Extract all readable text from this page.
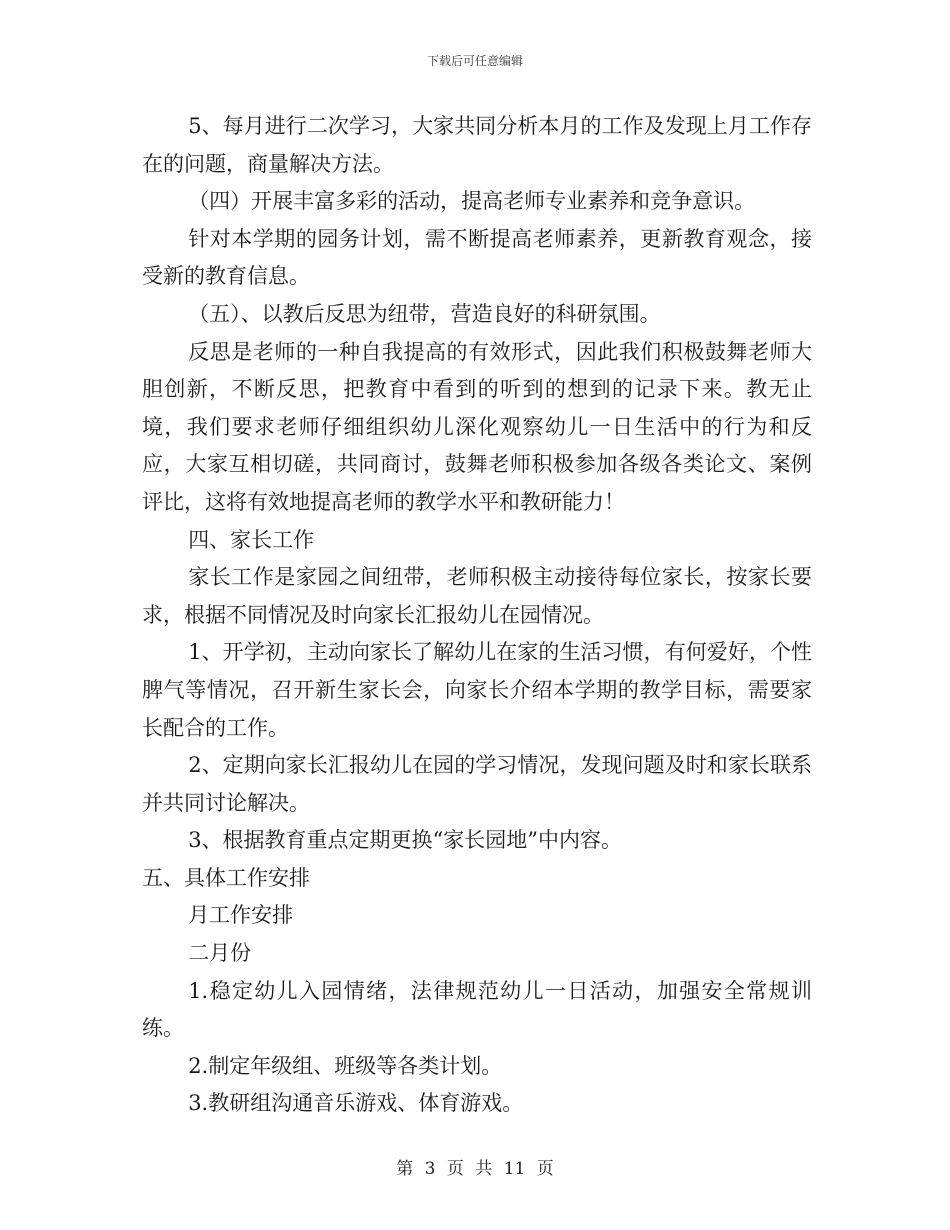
下载后可任意编辑

5、每月进行二次学习，大家共同分析本月的工作及发现上月工作存在的问题，商量解决方法。

（四）开展丰富多彩的活动，提高老师专业素养和竞争意识。

针对本学期的园务计划，需不断提高老师素养，更新教育观念，接受新的教育信息。

（五）、以教后反思为纽带，营造良好的科研氛围。

反思是老师的一种自我提高的有效形式，因此我们积极鼓舞老师大胆创新，不断反思，把教育中看到的听到的想到的记录下来。教无止境，我们要求老师仔细组织幼儿深化观察幼儿一日生活中的行为和反应，大家互相切磋，共同商讨，鼓舞老师积极参加各级各类论文、案例评比，这将有效地提高老师的教学水平和教研能力！

四、家长工作

家长工作是家园之间纽带，老师积极主动接待每位家长，按家长要求，根据不同情况及时向家长汇报幼儿在园情况。

1、开学初，主动向家长了解幼儿在家的生活习惯，有何爱好，个性脾气等情况，召开新生家长会，向家长介绍本学期的教学目标，需要家长配合的工作。

2、定期向家长汇报幼儿在园的学习情况，发现问题及时和家长联系并共同讨论解决。

3、根据教育重点定期更换“家长园地”中内容。

五、具体工作安排

月工作安排

二月份

1.稳定幼儿入园情绪，法律规范幼儿一日活动，加强安全常规训练。

2.制定年级组、班级等各类计划。

3.教研组沟通音乐游戏、体育游戏。

第 3 页 共 11 页
